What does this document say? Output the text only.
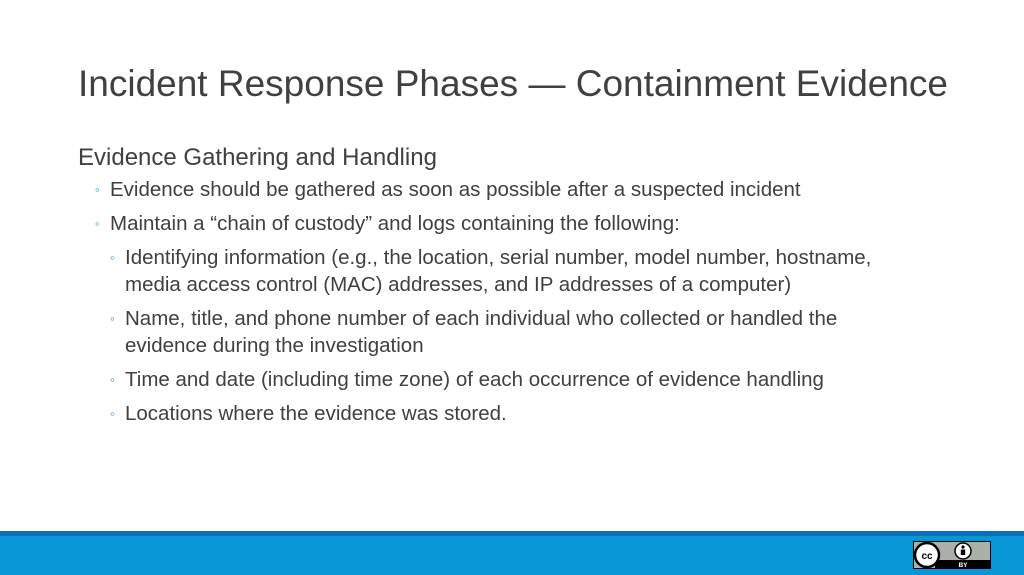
Incident Response Phases — Containment Evidence
Evidence Gathering and Handling
◦ Evidence should be gathered as soon as possible after a suspected incident
◦ Maintain a “chain of custody” and logs containing the following:
◦ Identifying information (e.g., the location, serial number, model number, hostname, media access control (MAC) addresses, and IP addresses of a computer)
◦ Name, title, and phone number of each individual who collected or handled the evidence during the investigation
◦ Time and date (including time zone) of each occurrence of evidence handling
◦ Locations where the evidence was stored.
cc
BY
